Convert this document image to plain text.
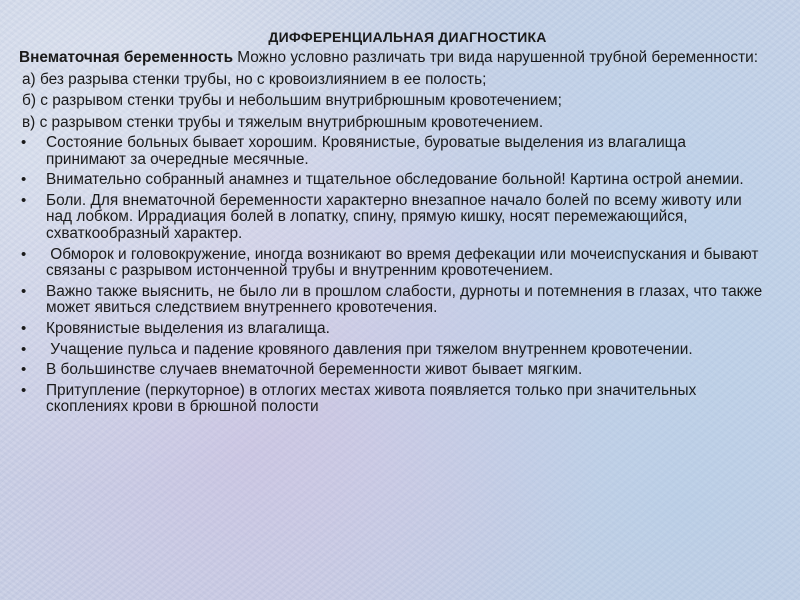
ДИФФЕРЕНЦИАЛЬНАЯ ДИАГНОСТИКА
Внематочная беременность Можно условно различать три вида нарушенной трубной беременности:
а) без разрыва стенки трубы, но с кровоизлиянием в ее полость;
б) с разрывом стенки трубы и небольшим внутрибрюшным кровотечением;
в) с разрывом стенки трубы и тяжелым внутрибрюшным кровотечением.
• Состояние больных бывает хорошим. Кровянистые, буроватые выделения из влагалища принимают за очередные месячные.
• Внимательно собранный анамнез и тщательное обследование больной! Картина острой анемии.
• Боли. Для внематочной беременности характерно внезапное начало болей по всему животу или над лобком. Иррадиация болей в лопатку, спину, прямую кишку, носят перемежающийся, схваткообразный характер.
• Обморок и головокружение, иногда возникают во время дефекации или мочеиспускания и бывают связаны с разрывом истонченной трубы и внутренним кровотечением.
• Важно также выяснить, не было ли в прошлом слабости, дурноты и потемнения в глазах, что также может явиться следствием внутреннего кровотечения.
• Кровянистые выделения из влагалища.
• Учащение пульса и падение кровяного давления при тяжелом внутреннем кровотечении.
• В большинстве случаев внематочной беременности живот бывает мягким.
• Притупление (перкуторное) в отлогих местах живота появляется только при значительных скоплениях крови в брюшной полости
